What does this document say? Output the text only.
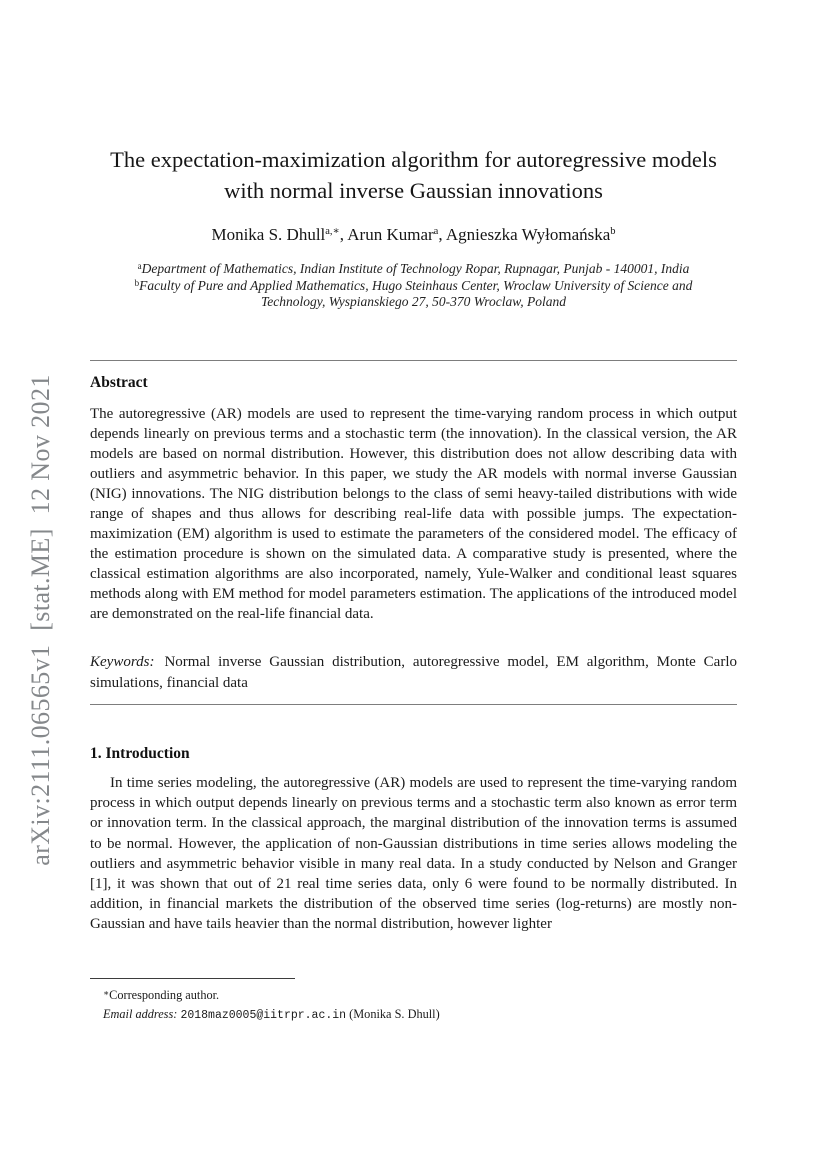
arXiv:2111.06565v1  [stat.ME]  12 Nov 2021
The expectation-maximization algorithm for autoregressive models
with normal inverse Gaussian innovations
Monika S. Dhull$^{a,∗}$, Arun Kumar$^a$, Agnieszka Wyłomańska$^b$
$^a$Department of Mathematics, Indian Institute of Technology Ropar, Rupnagar, Punjab - 140001, India
$^b$Faculty of Pure and Applied Mathematics, Hugo Steinhaus Center, Wroclaw University of Science and
Technology, Wyspianskiego 27, 50-370 Wroclaw, Poland
Abstract
The autoregressive (AR) models are used to represent the time-varying random process in which output depends linearly on previous terms and a stochastic term (the innovation). In the classical version, the AR models are based on normal distribution. However, this distribution does not allow describing data with outliers and asymmetric behavior. In this paper, we study the AR models with normal inverse Gaussian (NIG) innovations. The NIG distribution belongs to the class of semi heavy-tailed distributions with wide range of shapes and thus allows for describing real-life data with possible jumps. The expectation-maximization (EM) algorithm is used to estimate the parameters of the considered model. The efficacy of the estimation procedure is shown on the simulated data. A comparative study is presented, where the classical estimation algorithms are also incorporated, namely, Yule-Walker and conditional least squares methods along with EM method for model parameters estimation. The applications of the introduced model are demonstrated on the real-life financial data.
Keywords: Normal inverse Gaussian distribution, autoregressive model, EM algorithm, Monte Carlo simulations, financial data
1. Introduction
In time series modeling, the autoregressive (AR) models are used to represent the time-varying random process in which output depends linearly on previous terms and a stochastic term also known as error term or innovation term. In the classical approach, the marginal distribution of the innovation terms is assumed to be normal. However, the application of non-Gaussian distributions in time series allows modeling the outliers and asymmetric behavior visible in many real data. In a study conducted by Nelson and Granger [1], it was shown that out of 21 real time series data, only 6 were found to be normally distributed. In addition, in financial markets the distribution of the observed time series (log-returns) are mostly non-Gaussian and have tails heavier than the normal distribution, however lighter
∗Corresponding author.
Email address: 2018maz0005@iitrpr.ac.in (Monika S. Dhull)
